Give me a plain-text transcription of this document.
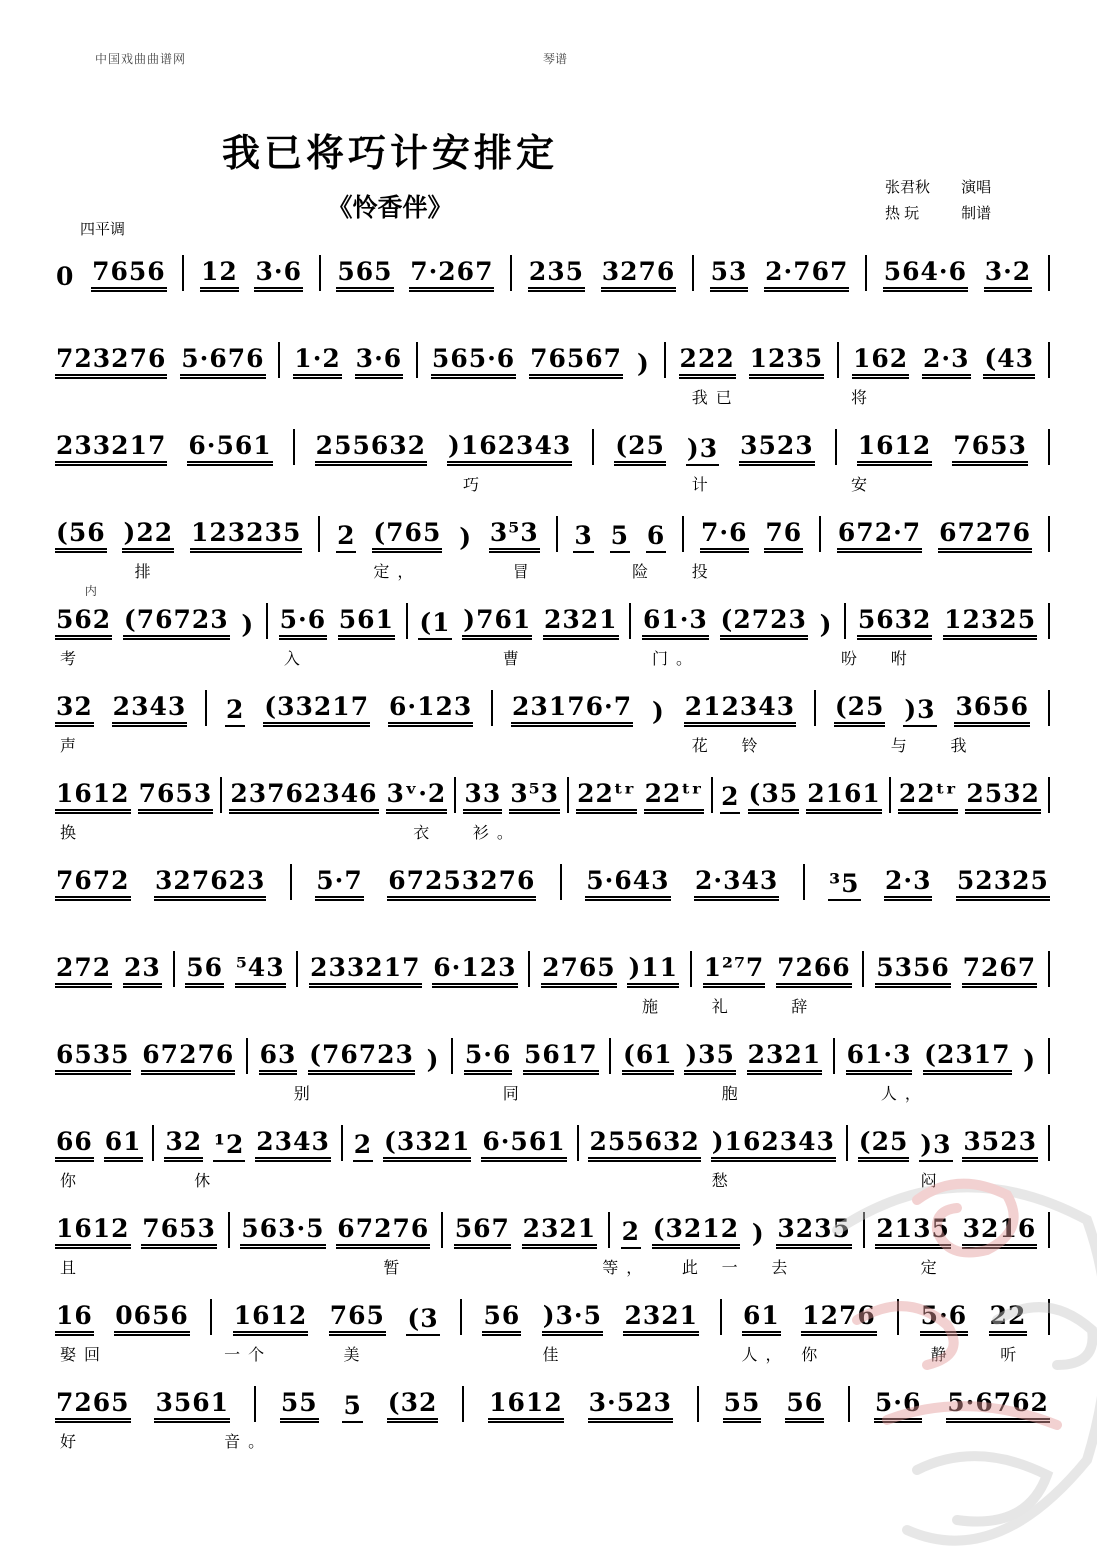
中国戏曲曲谱网	琴谱
我已将巧计安排定
《怜香伴》
张君秋 演唱
热 玩	制谱
四平调
0 7656 12 3·6 565 7·267 235 3276 53 2·767 564·6 3·2
723276 5·676 1·2 3·6 565·6 76567 ) 222 1235 162 2·3 (43
我已	将
233217 6·561 255632 )162343 (25 )3 3523 1612 7653
巧	计	安
(56 )22 123235 2 (765 ) 3⁵3 3 5 6 7·6 76 672·7 67276
排	定，	冒	险 投
562 (76723 ) 5·6 561 (1 )761 2321 61·3 (2723 ) 5632 12325
考	入	曹	门。	吩 咐
内
32 2343 2 (33217 6·123 23176·7 ) 212343 (25 )3 3656
声	花 铃	与 我
1612 7653 23762346 3ᵛ·2 33 3⁵3 22ᵗʳ 22ᵗʳ 2 (35 2161 22ᵗʳ 2532
换	衣 衫。
7672 327623 5·7 67253276 5·643 2·343 ³5 2·3 52325
272 23 56 ⁵43 233217 6·123 2765 )11 1²⁷7 7266 5356 7267
施	礼	辞
6535 67276 63 (76723 ) 5·6 5617 (61 )35 2321 61·3 (2317 )
别	同	胞	人，
66 61 32 ¹2 2343 2 (3321 6·561 255632 )162343 (25 )3 3523
你	休	愁	闷
1612 7653 563·5 67276 567 2321 2 (3212 ) 3235 2135 3216
且	暂	等， 此 一 去	定
16 0656 1612 765 (3 56 )3·5 2321 61 1276 5·6 22
娶回	一个	美	佳	人， 你	静	听
7265 3561 55 5 (32 1612 3·523 55 56 5·6 5·6762
好	音。
